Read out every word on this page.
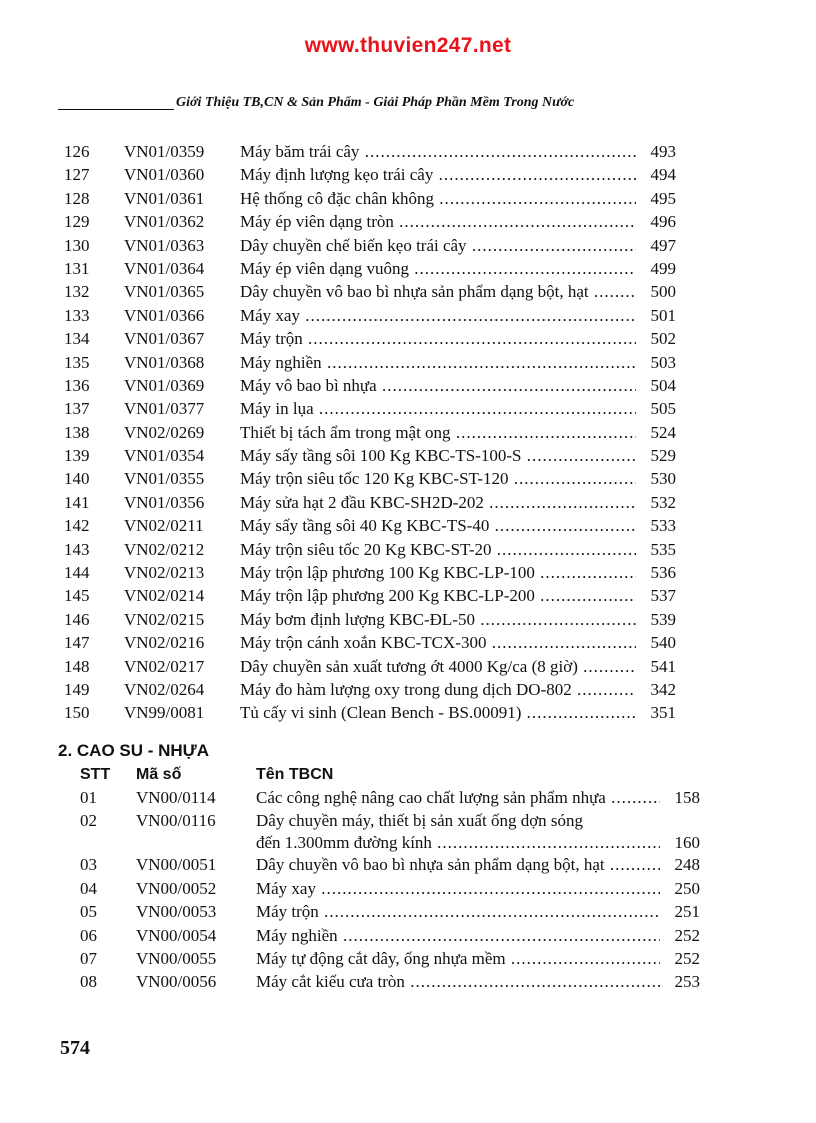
www.thuvien247.net
Giới Thiệu TB,CN & Sản Phẩm - Giải Pháp Phần Mềm Trong Nước
126	VN01/0359	Máy băm trái cây .....	493
127	VN01/0360	Máy định lượng kẹo trái cây .....	494
128	VN01/0361	Hệ thống cô đặc chân không .....	495
129	VN01/0362	Máy ép viên dạng tròn .....	496
130	VN01/0363	Dây chuyền chế biến kẹo trái cây .....	497
131	VN01/0364	Máy ép viên dạng vuông .....	499
132	VN01/0365	Dây chuyền vô bao bì nhựa sản phẩm dạng bột, hạt .....	500
133	VN01/0366	Máy xay .....	501
134	VN01/0367	Máy trộn .....	502
135	VN01/0368	Máy nghiền .....	503
136	VN01/0369	Máy vô bao bì nhựa .....	504
137	VN01/0377	Máy in lụa .....	505
138	VN02/0269	Thiết bị tách ẩm trong mật ong .....	524
139	VN01/0354	Máy sấy tầng sôi 100 Kg KBC-TS-100-S .....	529
140	VN01/0355	Máy trộn siêu tốc 120 Kg KBC-ST-120 .....	530
141	VN01/0356	Máy sửa hạt 2 đầu KBC-SH2D-202 .....	532
142	VN02/0211	Máy sấy tầng sôi 40 Kg KBC-TS-40 .....	533
143	VN02/0212	Máy trộn siêu tốc 20 Kg KBC-ST-20 .....	535
144	VN02/0213	Máy trộn lập phương 100 Kg KBC-LP-100 .....	536
145	VN02/0214	Máy trộn lập phương 200 Kg KBC-LP-200 .....	537
146	VN02/0215	Máy bơm định lượng KBC-ĐL-50 .....	539
147	VN02/0216	Máy trộn cánh xoắn KBC-TCX-300 .....	540
148	VN02/0217	Dây chuyền sản xuất tương ớt 4000 Kg/ca (8 giờ) .....	541
149	VN02/0264	Máy đo hàm lượng oxy trong dung dịch DO-802 .....	342
150	VN99/0081	Tủ cấy vi sinh (Clean Bench - BS.00091) .....	351
2. CAO SU - NHỰA
STT Mã số	Tên TBCN
01	VN00/0114	Các công nghệ nâng cao chất lượng sản phẩm nhựa .....	158
02	VN00/0116	Dây chuyền máy, thiết bị sản xuất ống dợn sóng
đến 1.300mm đường kính .....	160
03	VN00/0051	Dây chuyền vô bao bì nhựa sản phẩm dạng bột, hạt .....	248
04	VN00/0052	Máy xay .....	250
05	VN00/0053	Máy trộn .....	251
06	VN00/0054	Máy nghiền .....	252
07	VN00/0055	Máy tự động cắt dây, ống nhựa mềm .....	252
08	VN00/0056	Máy cắt kiểu cưa tròn .....	253
574
